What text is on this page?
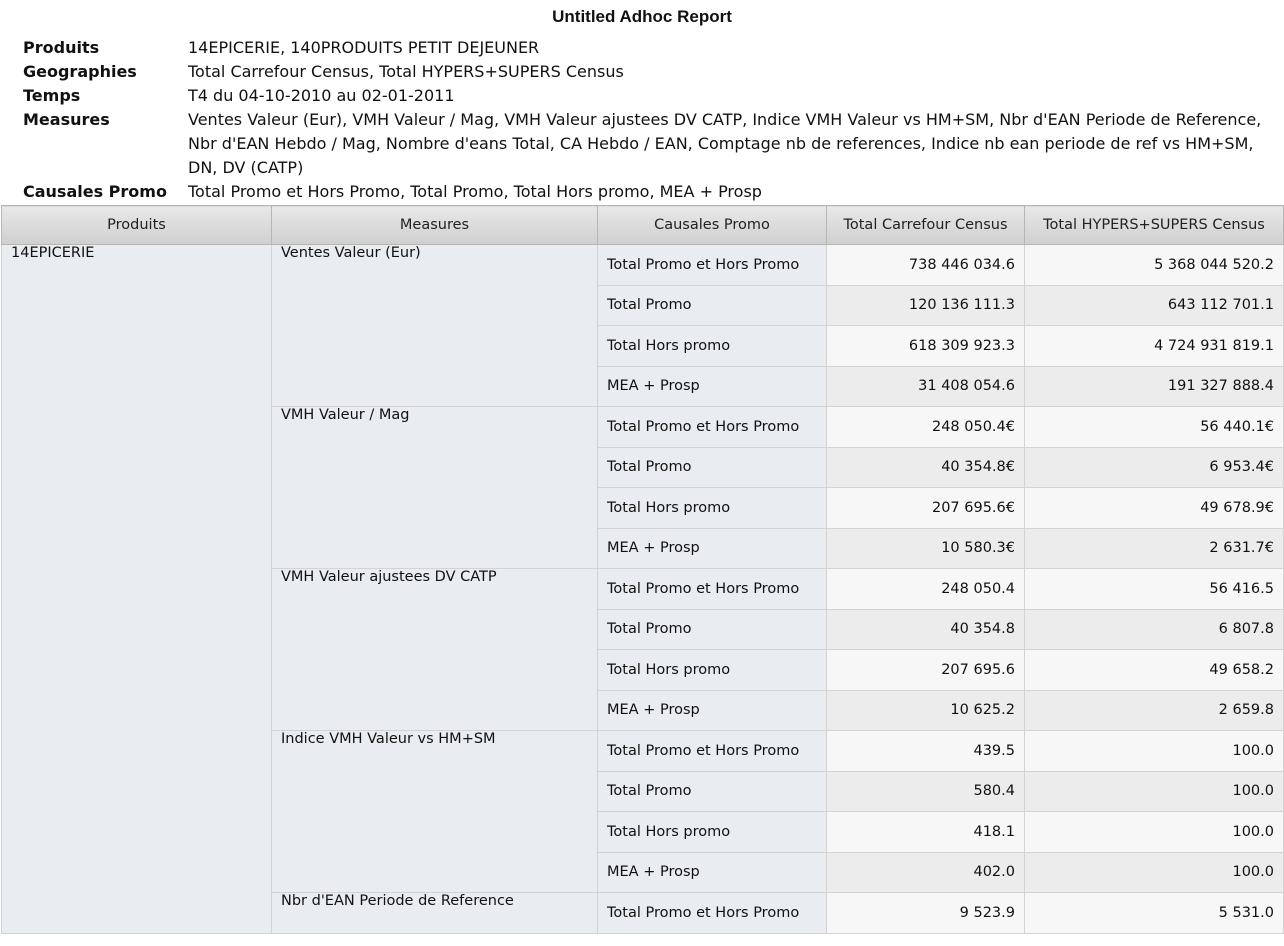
Untitled Adhoc Report
Produits	14EPICERIE, 140PRODUITS PETIT DEJEUNER
Geographies	Total Carrefour Census, Total HYPERS+SUPERS Census
Temps	T4 du 04-10-2010 au 02-01-2011
Measures	Ventes Valeur (Eur), VMH Valeur / Mag, VMH Valeur ajustees DV CATP, Indice VMH Valeur vs HM+SM, Nbr d'EAN Periode de Reference, Nbr d'EAN Hebdo / Mag, Nombre d'eans Total, CA Hebdo / EAN, Comptage nb de references, Indice nb ean periode de ref vs HM+SM, DN, DV (CATP)
Causales Promo	Total Promo et Hors Promo, Total Promo, Total Hors promo, MEA + Prosp
Produits	Measures	Causales Promo	Total Carrefour Census	Total HYPERS+SUPERS Census
14EPICERIE	Ventes Valeur (Eur)	Total Promo et Hors Promo	738 446 034.6	5 368 044 520.2
		Total Promo	120 136 111.3	643 112 701.1
		Total Hors promo	618 309 923.3	4 724 931 819.1
		MEA + Prosp	31 408 054.6	191 327 888.4
	VMH Valeur / Mag	Total Promo et Hors Promo	248 050.4€	56 440.1€
		Total Promo	40 354.8€	6 953.4€
		Total Hors promo	207 695.6€	49 678.9€
		MEA + Prosp	10 580.3€	2 631.7€
	VMH Valeur ajustees DV CATP	Total Promo et Hors Promo	248 050.4	56 416.5
		Total Promo	40 354.8	6 807.8
		Total Hors promo	207 695.6	49 658.2
		MEA + Prosp	10 625.2	2 659.8
	Indice VMH Valeur vs HM+SM	Total Promo et Hors Promo	439.5	100.0
		Total Promo	580.4	100.0
		Total Hors promo	418.1	100.0
		MEA + Prosp	402.0	100.0
	Nbr d'EAN Periode de Reference	Total Promo et Hors Promo	9 523.9	5 531.0
